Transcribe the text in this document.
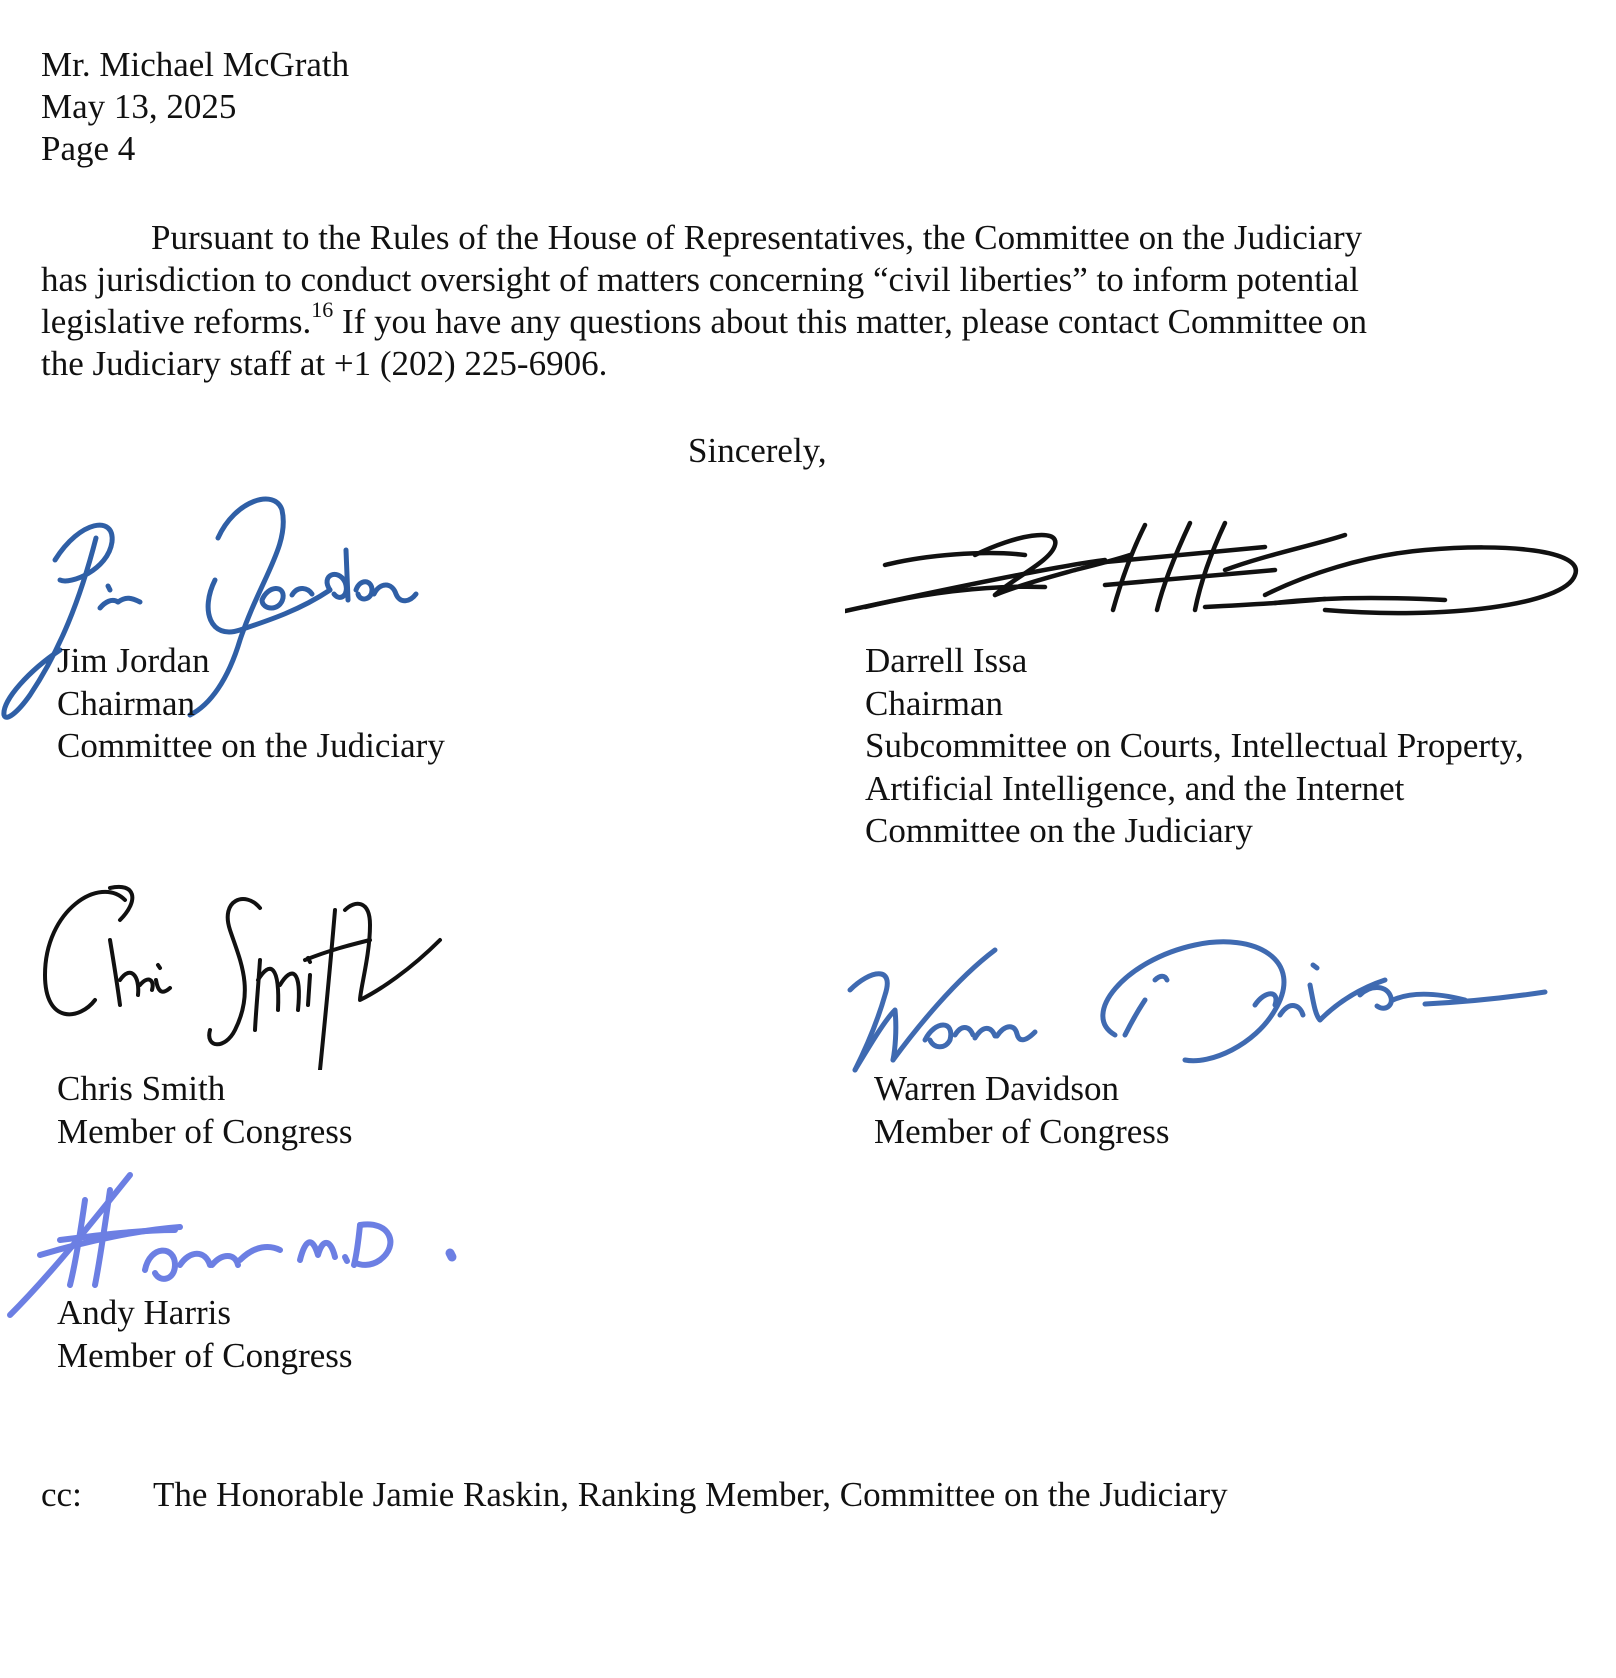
Mr. Michael McGrath
May 13, 2025
Page 4
Pursuant to the Rules of the House of Representatives, the Committee on the Judiciary
has jurisdiction to conduct oversight of matters concerning “civil liberties” to inform potential
legislative reforms.$^{16}$ If you have any questions about this matter, please contact Committee on
the Judiciary staff at +1 (202) 225-6906.
Sincerely,
Jim Jordan
Chairman
Committee on the Judiciary
Darrell Issa
Chairman
Subcommittee on Courts, Intellectual Property,
Artificial Intelligence, and the Internet
Committee on the Judiciary
Chris Smith
Member of Congress
Warren Davidson
Member of Congress
Andy Harris
Member of Congress
cc: The Honorable Jamie Raskin, Ranking Member, Committee on the Judiciary
